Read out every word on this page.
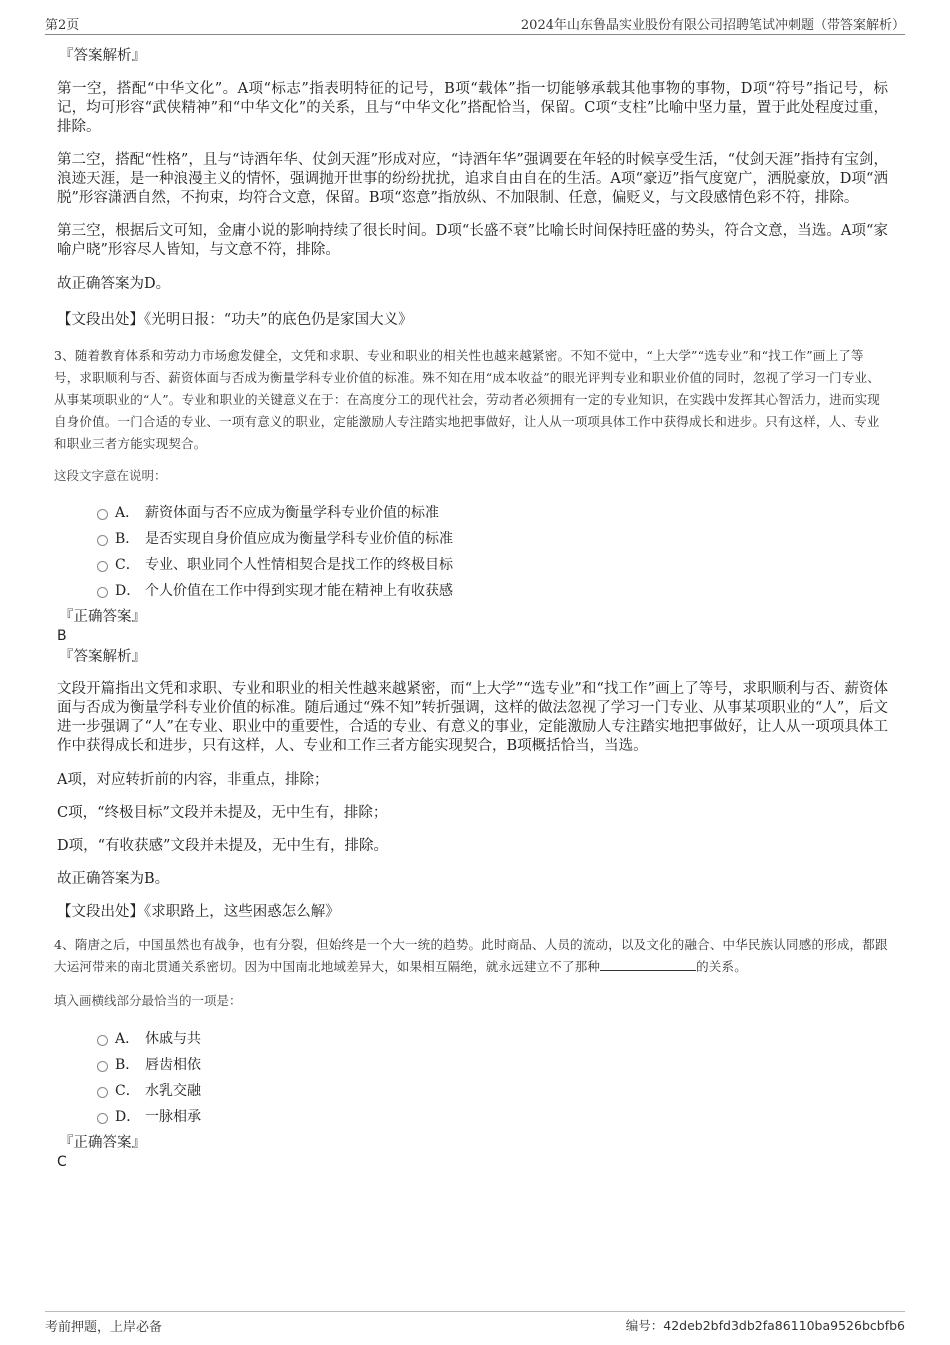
第2页	2024年山东鲁晶实业股份有限公司招聘笔试冲刺题（带答案解析）
『答案解析』

第一空，搭配“中华文化”。A项“标志”指表明特征的记号，B项“载体”指一切能够承载其他事物的事物，D项“符号”指记号，标记，均可形容“武侠精神”和“中华文化”的关系，且与“中华文化”搭配恰当，保留。C项“支柱”比喻中坚力量，置于此处程度过重，排除。

第二空，搭配“性格”，且与“诗酒年华、仗剑天涯”形成对应，“诗酒年华”强调要在年轻的时候享受生活，“仗剑天涯”指持有宝剑，浪迹天涯，是一种浪漫主义的情怀，强调抛开世事的纷纷扰扰，追求自由自在的生活。A项“豪迈”指气度宽广，洒脱豪放，D项“洒脱”形容潇洒自然，不拘束，均符合文意，保留。B项“恣意”指放纵、不加限制、任意，偏贬义，与文段感情色彩不符，排除。

第三空，根据后文可知，金庸小说的影响持续了很长时间。D项“长盛不衰”比喻长时间保持旺盛的势头，符合文意，当选。A项“家喻户晓”形容尽人皆知，与文意不符，排除。

故正确答案为D。

【文段出处】《光明日报：“功夫”的底色仍是家国大义》

3、随着教育体系和劳动力市场愈发健全，文凭和求职、专业和职业的相关性也越来越紧密。不知不觉中，“上大学”“选专业”和“找工作”画上了等号，求职顺利与否、薪资体面与否成为衡量学科专业价值的标准。殊不知在用“成本收益”的眼光评判专业和职业价值的同时，忽视了学习一门专业、从事某项职业的“人”。专业和职业的关键意义在于：在高度分工的现代社会，劳动者必须拥有一定的专业知识，在实践中发挥其心智活力，进而实现自身价值。一门合适的专业、一项有意义的职业，定能激励人专注踏实地把事做好，让人从一项项具体工作中获得成长和进步。只有这样，人、专业和职业三者方能实现契合。

这段文字意在说明：

A． 薪资体面与否不应成为衡量学科专业价值的标准
B． 是否实现自身价值应成为衡量学科专业价值的标准
C． 专业、职业同个人性情相契合是找工作的终极目标
D． 个人价值在工作中得到实现才能在精神上有收获感
『正确答案』
B
『答案解析』

文段开篇指出文凭和求职、专业和职业的相关性越来越紧密，而“上大学”“选专业”和“找工作”画上了等号，求职顺利与否、薪资体面与否成为衡量学科专业价值的标准。随后通过“殊不知”转折强调，这样的做法忽视了学习一门专业、从事某项职业的“人”，后文进一步强调了“人”在专业、职业中的重要性，合适的专业、有意义的事业，定能激励人专注踏实地把事做好，让人从一项项具体工作中获得成长和进步，只有这样，人、专业和工作三者方能实现契合，B项概括恰当，当选。

A项，对应转折前的内容，非重点，排除；

C项，“终极目标”文段并未提及，无中生有，排除；

D项，“有收获感”文段并未提及，无中生有，排除。

故正确答案为B。

【文段出处】《求职路上，这些困惑怎么解》

4、隋唐之后，中国虽然也有战争，也有分裂，但始终是一个大一统的趋势。此时商品、人员的流动，以及文化的融合、中华民族认同感的形成，都跟大运河带来的南北贯通关系密切。因为中国南北地域差异大，如果相互隔绝，就永远建立不了那种	的关系。

填入画横线部分最恰当的一项是：

A． 休戚与共
B． 唇齿相依
C． 水乳交融
D． 一脉相承
『正确答案』
C
考前押题，上岸必备	编号：42deb2bfd3db2fa86110ba9526bcbfb6
